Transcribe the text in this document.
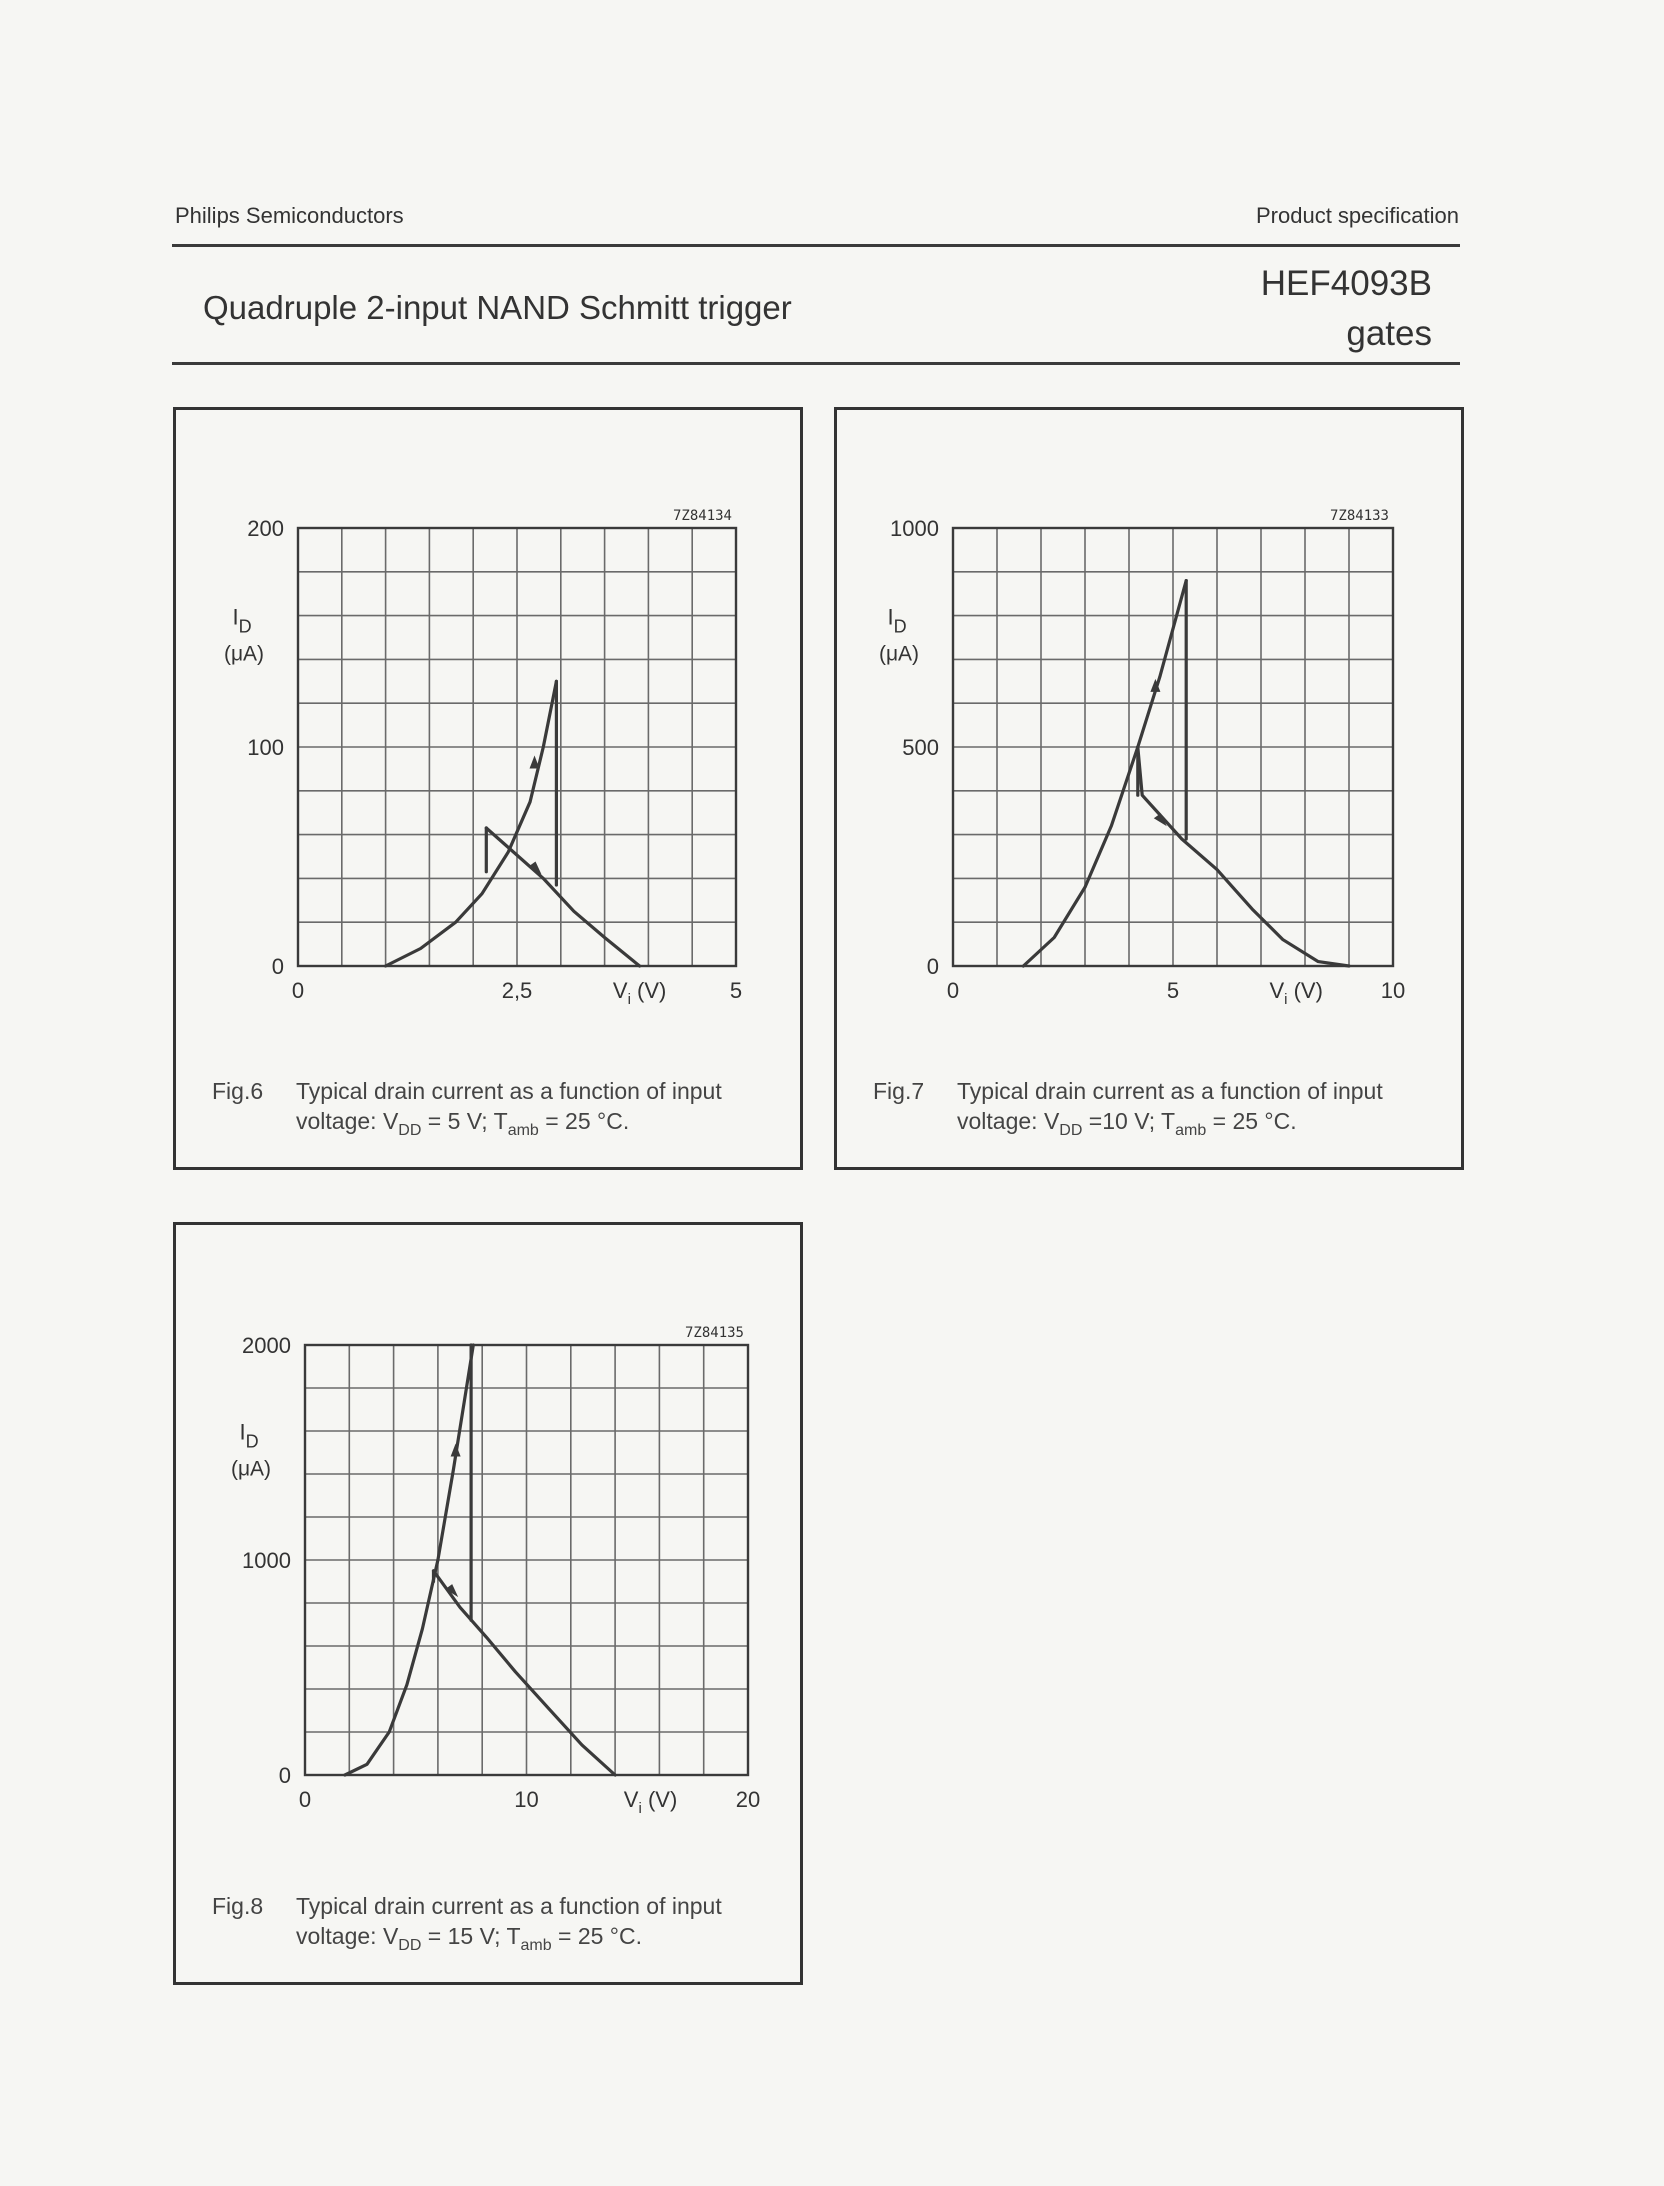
Philips Semiconductors	Product specification
Quadruple 2-input NAND Schmitt trigger
HEF4093B
gates
7Z84134
0
100
200
0	2,5	5
$I_D$
(μA)
$V_i$ (V)
Fig.6 Typical drain current as a function of input
voltage: $V_{DD} = 5$ V; $T_{amb} = 25$ °C.
7Z84133
0
500
1000
0	5	10
$I_D$
(μA)
$V_i$ (V)
Fig.7 Typical drain current as a function of input
voltage: $V_{DD} =10$ V; $T_{amb} = 25$ °C.
7Z84135
0
1000
2000
0	10	20
$I_D$
(μA)
$V_i$ (V)
Fig.8 Typical drain current as a function of input
voltage: $V_{DD} = 15$ V; $T_{amb} = 25$ °C.
